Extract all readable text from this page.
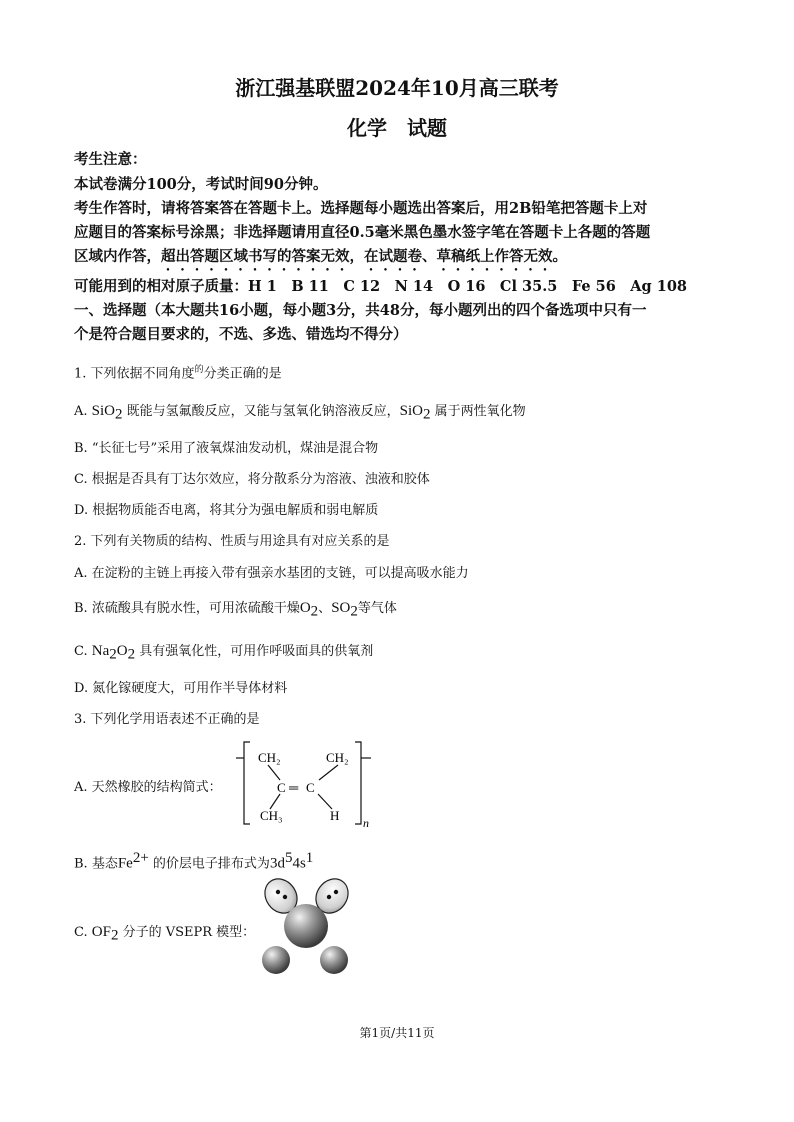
浙江强基联盟2024年10月高三联考
化学　试题
考生注意：
本试卷满分100分，考试时间90分钟。
考生作答时，请将答案答在答题卡上。选择题每小题选出答案后，用2B铅笔把答题卡上对
应题目的答案标号涂黑；非选择题请用直径0.5毫米黑色墨水签字笔在答题卡上各题的答题
区域内作答，超出答题区域书写的答案无效，在试题卷、草稿纸上作答无效。
可能用到的相对原子质量：H 1　B 11　C 12　N 14　O 16　Cl 35.5　Fe 56　Ag 108
一、选择题（本大题共16小题，每小题3分，共48分，每小题列出的四个备选项中只有一
个是符合题目要求的，不选、多选、错选均不得分）
1. 下列依据不同角度$^的$分类正确的是
A. SiO$_2$ 既能与氢氟酸反应，又能与氢氧化钠溶液反应，SiO$_2$ 属于两性氧化物
B. “长征七号”采用了液氧煤油发动机，煤油是混合物
C. 根据是否具有丁达尔效应，将分散系分为溶液、浊液和胶体
D. 根据物质能否电离，将其分为强电解质和弱电解质
2. 下列有关物质的结构、性质与用途具有对应关系的是
A. 在淀粉的主链上再接入带有强亲水基团的支链，可以提高吸水能力
B. 浓硫酸具有脱水性，可用浓硫酸干燥$O_2$、$SO_2$等气体
C. $Na_2O_2$ 具有强氧化性，可用作呼吸面具的供氧剂
D. 氮化镓硬度大，可用作半导体材料
3. 下列化学用语表述不正确的是
A. 天然橡胶的结构简式：
CH₂	CH₂
C ═ C
CH₃	H n
B. 基态$Fe^{2+}$ 的价层电子排布式为$3d^54s^1$
C. $OF_2$ 分子的 VSEPR 模型：
第1页/共11页
